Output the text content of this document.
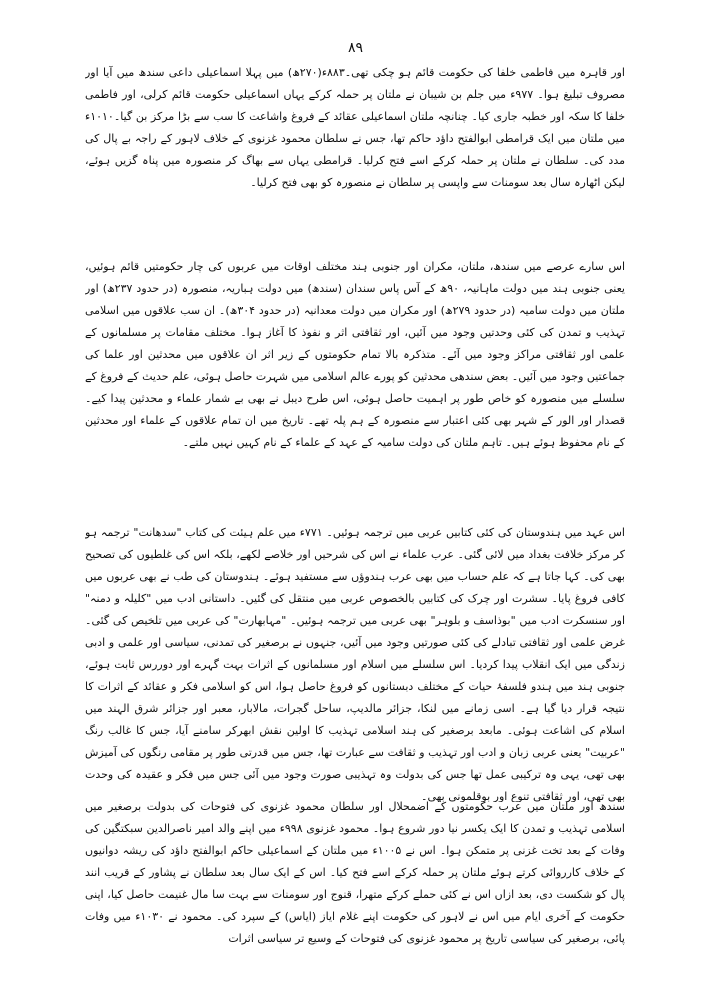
۸۹

اور قاہرہ میں فاطمی خلفا کی حکومت قائم ہو چکی تھی۔۸۸۳ء(۲۷۰ھ) میں پہلا اسماعیلی داعی سندھ میں آیا اور مصروف تبلیغ ہوا۔ ۹۷۷ء میں جلم بن شیبان نے ملتان پر حملہ کرکے یہاں اسماعیلی حکومت قائم کرلی، اور فاطمی خلفا کا سکہ اور خطبہ جاری کیا۔ چنانچہ ملتان اسماعیلی عقائد کے فروغ واشاعت کا سب سے بڑا مرکز بن گیا۔۱۰۱۰ء میں ملتان میں ایک قرامطی ابوالفتح داؤد حاکم تھا، جس نے سلطان محمود غزنوی کے خلاف لاہور کے راجہ بے پال کی مدد کی۔ سلطان نے ملتان پر حملہ کرکے اسے فتح کرلیا۔ قرامطی یہاں سے بھاگ کر منصورہ میں پناہ گزیں ہوئے، لیکن اٹھارہ سال بعد سومنات سے واپسی پر سلطان نے منصورہ کو بھی فتح کرلیا۔

اس سارے عرصے میں سندھ، ملتان، مکران اور جنوبی ہند مختلف اوقات میں عربوں کی چار حکومتیں قائم ہوئیں، یعنی جنوبی ہند میں دولت ماہانیہ، ۹۰ھ کے آس پاس سندان (سندھ) میں دولت ہباریہ، منصورہ (در حدود ۲۳۷ھ) اور ملتان میں دولت سامیہ (در حدود ۲۷۹ھ) اور مکران میں دولت معدانیہ (در حدود ۳۰۴ھ)۔ ان سب علاقوں میں اسلامی تہذیب و تمدن کی کئی وحدتیں وجود میں آئیں، اور ثقافتی اثر و نفوذ کا آغاز ہوا۔ مختلف مقامات پر مسلمانوں کے علمی اور ثقافتی مراکز وجود میں آئے۔ متذکرہ بالا تمام حکومتوں کے زیر اثر ان علاقوں میں محدثین اور علما کی جماعتیں وجود میں آئیں۔ بعض سندھی محدثین کو پورے عالم اسلامی میں شہرت حاصل ہوئی، علم حدیث کے فروغ کے سلسلے میں منصورہ کو خاص طور پر اہمیت حاصل ہوئی، اس طرح دیبل نے بھی بے شمار علماء و محدثین پیدا کیے۔ قصدار اور الور کے شہر بھی کئی اعتبار سے منصورہ کے ہم پلہ تھے۔ تاریخ میں ان تمام علاقوں کے علماء اور محدثین کے نام محفوظ ہوئے ہیں۔ تاہم ملتان کی دولت سامیہ کے عہد کے علماء کے نام کہیں نہیں ملتے۔

اس عہد میں ہندوستان کی کئی کتابیں عربی میں ترجمہ ہوئیں۔ ۷۷۱ء میں علم ہیئت کی کتاب "سدھانت" ترجمہ ہو کر مرکز خلافت بغداد میں لائی گئی۔ عرب علماء نے اس کی شرحیں اور خلاصے لکھے، بلکہ اس کی غلطیوں کی تصحیح بھی کی۔ کہا جاتا ہے کہ علم حساب میں بھی عرب ہندوؤں سے مستفید ہوئے۔ ہندوستان کی طب نے بھی عربوں میں کافی فروغ پایا۔ سشرت اور چرک کی کتابیں بالخصوص عربی میں منتقل کی گئیں۔ داستانی ادب میں "کلیلہ و دمنہ" اور سنسکرت ادب میں "بوذاسف و بلوہر" بھی عربی میں ترجمہ ہوئیں۔ "مہابھارت" کی عربی میں تلخیص کی گئی۔ غرض علمی اور ثقافتی تبادلے کی کئی صورتیں وجود میں آئیں، جنہوں نے برصغیر کی تمدنی، سیاسی اور علمی و ادبی زندگی میں ایک انقلاب پیدا کردیا۔ اس سلسلے میں اسلام اور مسلمانوں کے اثرات بہت گہرے اور دوررس ثابت ہوئے، جنوبی ہند میں ہندو فلسفۂ حیات کے مختلف دبستانوں کو فروغ حاصل ہوا، اس کو اسلامی فکر و عقائد کے اثرات کا نتیجہ قرار دیا گیا ہے۔ اسی زمانے میں لنکا، جزائر مالدیپ، ساحل گجرات، مالابار، معبر اور جزائر شرق الہند میں اسلام کی اشاعت ہوئی۔ مابعد برصغیر کی ہند اسلامی تہذیب کا اولین نقش ابھرکر سامنے آیا، جس کا غالب رنگ "عربیت" یعنی عربی زبان و ادب اور تہذیب و ثقافت سے عبارت تھا، جس میں قدرتی طور پر مقامی رنگوں کی آمیزش بھی تھی، یہی وہ ترکیبی عمل تھا جس کی بدولت وہ تہذیبی صورت وجود میں آئی جس میں فکر و عقیدہ کی وحدت بھی تھی، اور ثقافتی تنوع اور بوقلمونی بھی۔

سندھ اور ملتان میں عرب حکومتوں کے اضمحلال اور سلطان محمود غزنوی کی فتوحات کی بدولت برصغیر میں اسلامی تہذیب و تمدن کا ایک یکسر نیا دور شروع ہوا۔ محمود غزنوی ۹۹۸ء میں اپنے والد امیر ناصرالدین سبکتگین کی وفات کے بعد تخت غزنی پر متمکن ہوا۔ اس نے ۱۰۰۵ء میں ملتان کے اسماعیلی حاکم ابوالفتح داؤد کی ریشہ دوانیوں کے خلاف کارروائی کرتے ہوئے ملتان پر حملہ کرکے اسے فتح کیا۔ اس کے ایک سال بعد سلطان نے پشاور کے قریب انند پال کو شکست دی، بعد ازاں اس نے کئی حملے کرکے متھرا، قنوج اور سومنات سے بہت سا مال غنیمت حاصل کیا، اپنی حکومت کے آخری ایام میں اس نے لاہور کی حکومت اپنے غلام ایاز (ایاس) کے سپرد کی۔ محمود نے ۱۰۳۰ء میں وفات پائی، برصغیر کی سیاسی تاریخ پر محمود غزنوی کی فتوحات کے وسیع تر سیاسی اثرات
